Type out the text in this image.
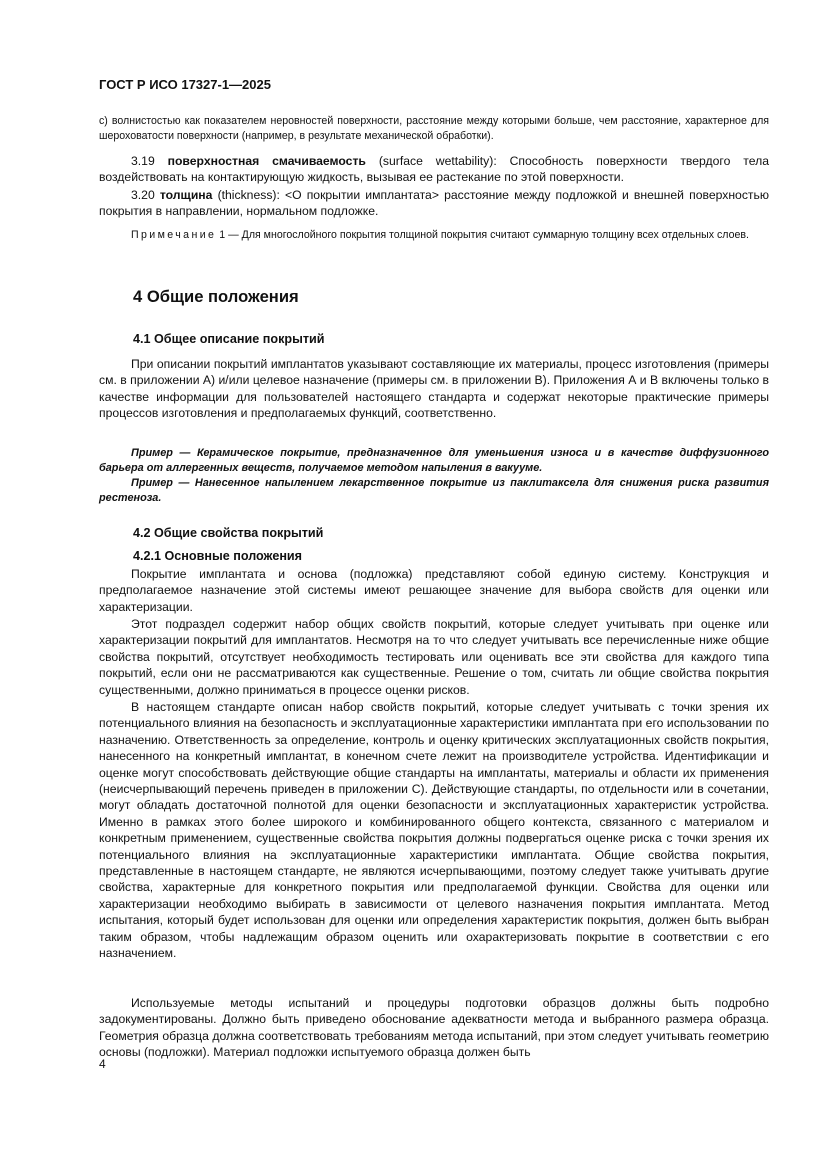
ГОСТ Р ИСО 17327-1—2025
с) волнистостью как показателем неровностей поверхности, расстояние между которыми больше, чем расстояние, характерное для шероховатости поверхности (например, в результате механической обработки).
3.19 поверхностная смачиваемость (surface wettability): Способность поверхности твердого тела воздействовать на контактирующую жидкость, вызывая ее растекание по этой поверхности.
3.20 толщина (thickness): <О покрытии имплантата> расстояние между подложкой и внешней поверхностью покрытия в направлении, нормальном подложке.
Примечание 1 — Для многослойного покрытия толщиной покрытия считают суммарную толщину всех отдельных слоев.
4 Общие положения
4.1 Общее описание покрытий
При описании покрытий имплантатов указывают составляющие их материалы, процесс изготовления (примеры см. в приложении А) и/или целевое назначение (примеры см. в приложении В). Приложения А и В включены только в качестве информации для пользователей настоящего стандарта и содержат некоторые практические примеры процессов изготовления и предполагаемых функций, соответственно.
Пример — Керамическое покрытие, предназначенное для уменьшения износа и в качестве диффузионного барьера от аллергенных веществ, получаемое методом напыления в вакууме.
Пример — Нанесенное напылением лекарственное покрытие из паклитаксела для снижения риска развития рестеноза.
4.2 Общие свойства покрытий
4.2.1 Основные положения
Покрытие имплантата и основа (подложка) представляют собой единую систему. Конструкция и предполагаемое назначение этой системы имеют решающее значение для выбора свойств для оценки или характеризации.
Этот подраздел содержит набор общих свойств покрытий, которые следует учитывать при оценке или характеризации покрытий для имплантатов. Несмотря на то что следует учитывать все перечисленные ниже общие свойства покрытий, отсутствует необходимость тестировать или оценивать все эти свойства для каждого типа покрытий, если они не рассматриваются как существенные. Решение о том, считать ли общие свойства покрытия существенными, должно приниматься в процессе оценки рисков.
В настоящем стандарте описан набор свойств покрытий, которые следует учитывать с точки зрения их потенциального влияния на безопасность и эксплуатационные характеристики имплантата при его использовании по назначению. Ответственность за определение, контроль и оценку критических эксплуатационных свойств покрытия, нанесенного на конкретный имплантат, в конечном счете лежит на производителе устройства. Идентификации и оценке могут способствовать действующие общие стандарты на имплантаты, материалы и области их применения (неисчерпывающий перечень приведен в приложении С). Действующие стандарты, по отдельности или в сочетании, могут обладать достаточной полнотой для оценки безопасности и эксплуатационных характеристик устройства. Именно в рамках этого более широкого и комбинированного общего контекста, связанного с материалом и конкретным применением, существенные свойства покрытия должны подвергаться оценке риска с точки зрения их потенциального влияния на эксплуатационные характеристики имплантата. Общие свойства покрытия, представленные в настоящем стандарте, не являются исчерпывающими, поэтому следует также учитывать другие свойства, характерные для конкретного покрытия или предполагаемой функции. Свойства для оценки или характеризации необходимо выбирать в зависимости от целевого назначения покрытия имплантата. Метод испытания, который будет использован для оценки или определения характеристик покрытия, должен быть выбран таким образом, чтобы надлежащим образом оценить или охарактеризовать покрытие в соответствии с его назначением.
Используемые методы испытаний и процедуры подготовки образцов должны быть подробно задокументированы. Должно быть приведено обоснование адекватности метода и выбранного размера образца. Геометрия образца должна соответствовать требованиям метода испытаний, при этом следует учитывать геометрию основы (подложки). Материал подложки испытуемого образца должен быть
4
